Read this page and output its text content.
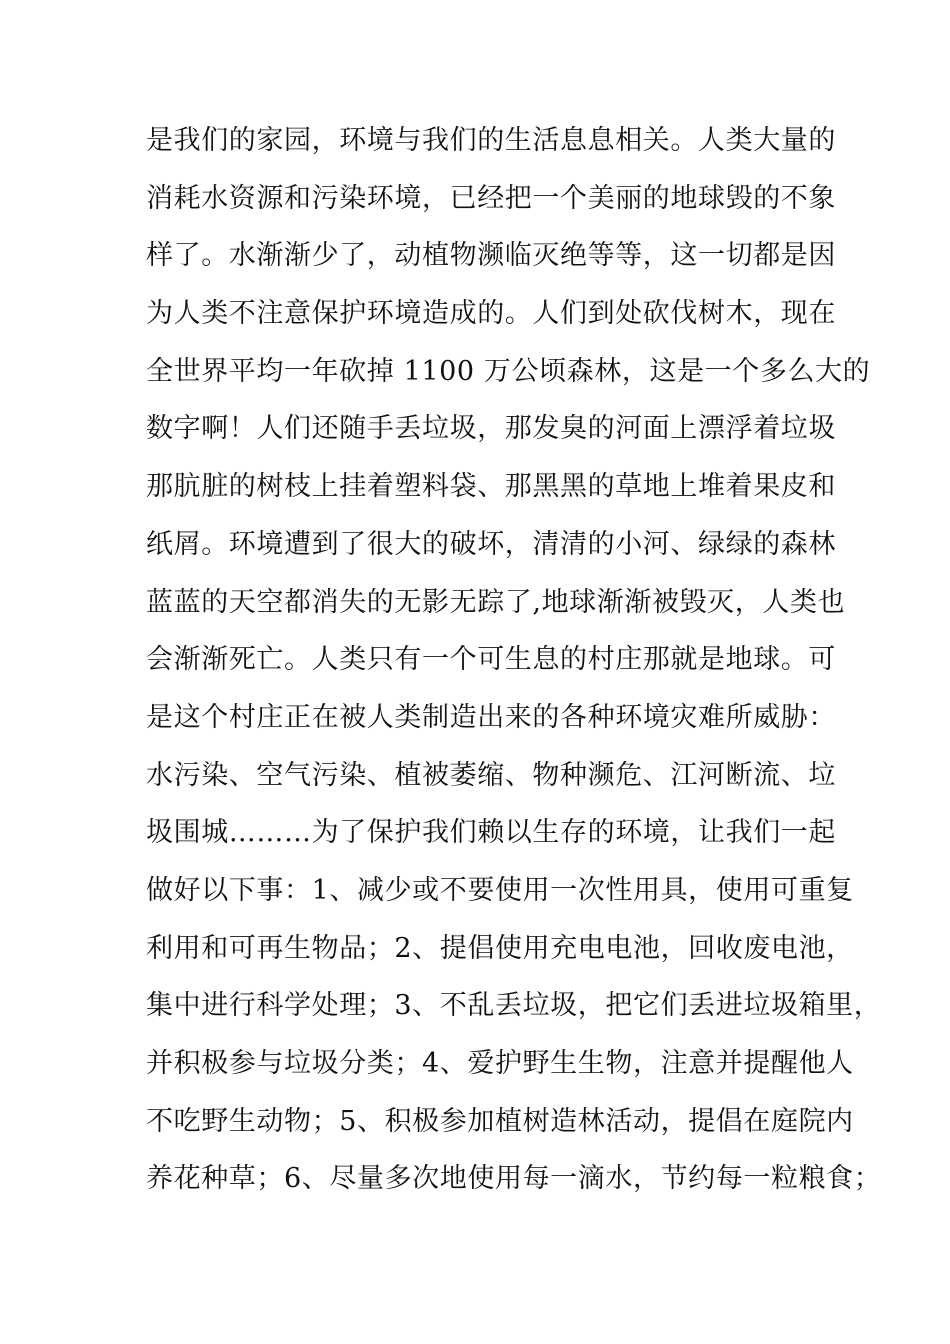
是我们的家园，环境与我们的生活息息相关。人类大量的
消耗水资源和污染环境，已经把一个美丽的地球毁的不象
样了。水渐渐少了，动植物濒临灭绝等等，这一切都是因
为人类不注意保护环境造成的。人们到处砍伐树木，现在
全世界平均一年砍掉 1100 万公顷森林，这是一个多么大的
数字啊！人们还随手丢垃圾，那发臭的河面上漂浮着垃圾
那肮脏的树枝上挂着塑料袋、那黑黑的草地上堆着果皮和
纸屑。环境遭到了很大的破坏，清清的小河、绿绿的森林
蓝蓝的天空都消失的无影无踪了,地球渐渐被毁灭，人类也
会渐渐死亡。人类只有一个可生息的村庄那就是地球。可
是这个村庄正在被人类制造出来的各种环境灾难所威胁：
水污染、空气污染、植被萎缩、物种濒危、江河断流、垃
圾围城………为了保护我们赖以生存的环境，让我们一起
做好以下事：1、减少或不要使用一次性用具，使用可重复
利用和可再生物品；2、提倡使用充电电池，回收废电池，
集中进行科学处理；3、不乱丢垃圾，把它们丢进垃圾箱里，
并积极参与垃圾分类；4、爱护野生生物，注意并提醒他人
不吃野生动物；5、积极参加植树造林活动，提倡在庭院内
养花种草；6、尽量多次地使用每一滴水，节约每一粒粮食；
